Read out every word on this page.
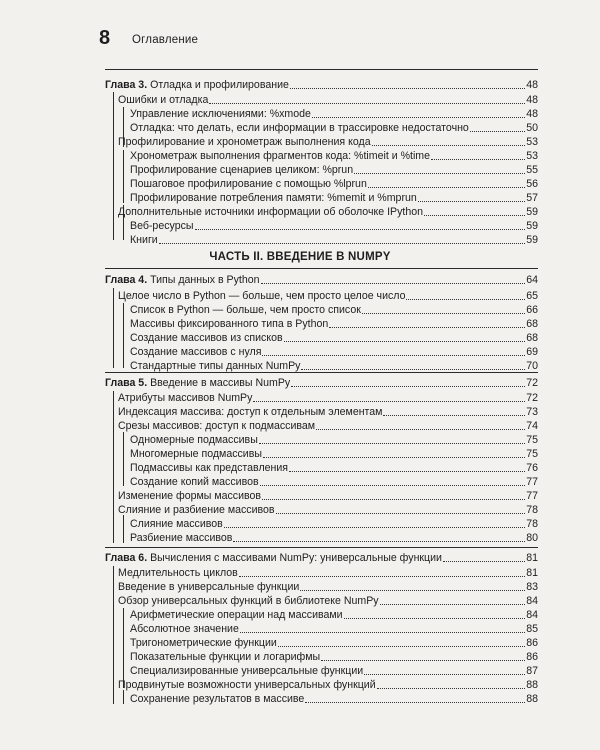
8 Оглавление
Глава 3. Отладка и профилирование	48
Ошибки и отладка	48
Управление исключениями: %xmode	48
Отладка: что делать, если информации в трассировке недостаточно	50
Профилирование и хронометраж выполнения кода	53
Хронометраж выполнения фрагментов кода: %timeit и %time	53
Профилирование сценариев целиком: %prun	55
Пошаговое профилирование с помощью %lprun	56
Профилирование потребления памяти: %memit и %mprun	57
Дополнительные источники информации об оболочке IPython	59
Веб-ресурсы	59
Книги	59
ЧАСТЬ II. ВВЕДЕНИЕ В NUMPY
Глава 4. Типы данных в Python	64
Целое число в Python — больше, чем просто целое число	65
Список в Python — больше, чем просто список	66
Массивы фиксированного типа в Python	68
Создание массивов из списков	68
Создание массивов с нуля	69
Стандартные типы данных NumPy	70
Глава 5. Введение в массивы NumPy	72
Атрибуты массивов NumPy	72
Индексация массива: доступ к отдельным элементам	73
Срезы массивов: доступ к подмассивам	74
Одномерные подмассивы	75
Многомерные подмассивы	75
Подмассивы как представления	76
Создание копий массивов	77
Изменение формы массивов	77
Слияние и разбиение массивов	78
Слияние массивов	78
Разбиение массивов	80
Глава 6. Вычисления с массивами NumPy: универсальные функции	81
Медлительность циклов	81
Введение в универсальные функции	83
Обзор универсальных функций в библиотеке NumPy	84
Арифметические операции над массивами	84
Абсолютное значение	85
Тригонометрические функции	86
Показательные функции и логарифмы	86
Специализированные универсальные функции	87
Продвинутые возможности универсальных функций	88
Сохранение результатов в массиве	88
